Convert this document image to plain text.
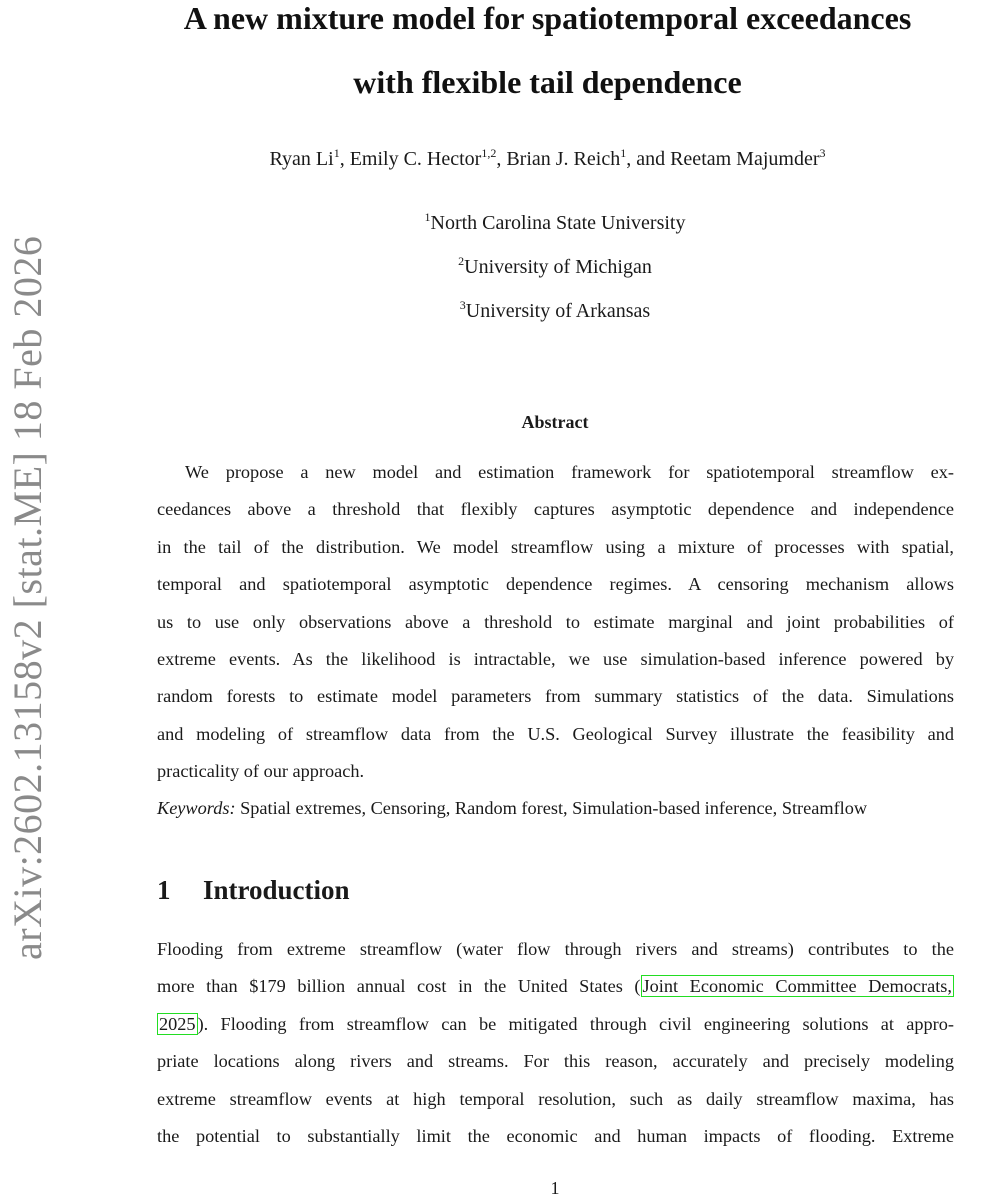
arXiv:2602.13158v2 [stat.ME] 18 Feb 2026
A new mixture model for spatiotemporal exceedances
with flexible tail dependence
Ryan Li$^1$, Emily C. Hector$^{1,2}$, Brian J. Reich$^1$, and Reetam Majumder$^3$
$^1$North Carolina State University
$^2$University of Michigan
$^3$University of Arkansas
Abstract
We propose a new model and estimation framework for spatiotemporal streamflow ex-
ceedances above a threshold that flexibly captures asymptotic dependence and independence
in the tail of the distribution. We model streamflow using a mixture of processes with spatial,
temporal and spatiotemporal asymptotic dependence regimes. A censoring mechanism allows
us to use only observations above a threshold to estimate marginal and joint probabilities of
extreme events. As the likelihood is intractable, we use simulation-based inference powered by
random forests to estimate model parameters from summary statistics of the data. Simulations
and modeling of streamflow data from the U.S. Geological Survey illustrate the feasibility and
practicality of our approach.
Keywords: Spatial extremes, Censoring, Random forest, Simulation-based inference, Streamflow
1 Introduction
Flooding from extreme streamflow (water flow through rivers and streams) contributes to the
more than $179 billion annual cost in the United States ( Joint Economic Committee Democrats,
2025 ). Flooding from streamflow can be mitigated through civil engineering solutions at appro-
priate locations along rivers and streams. For this reason, accurately and precisely modeling
extreme streamflow events at high temporal resolution, such as daily streamflow maxima, has
the potential to substantially limit the economic and human impacts of flooding. Extreme
1
